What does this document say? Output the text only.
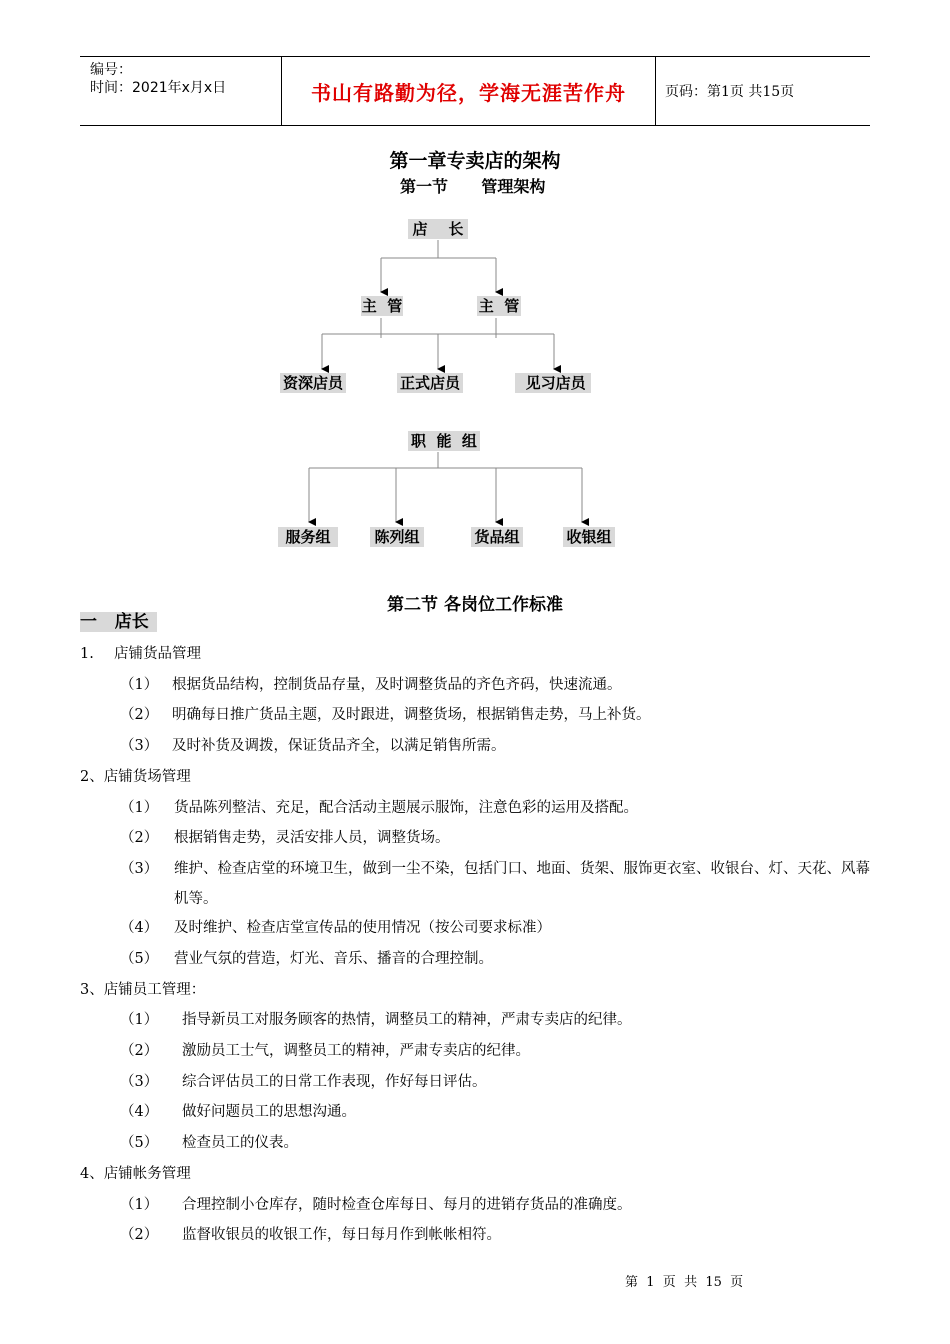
编号：
时间：2021年x月x日	书山有路勤为径，学海无涯苦作舟	页码：第1页 共15页
第一章专卖店的架构
第一节      管理架构
店    长
主  管	主  管
资深店员	正式店员	见习店员
职  能  组
服务组	陈列组	货品组	收银组
第二节 各岗位工作标准
一   店长
1. 店铺货品管理
（1） 根据货品结构，控制货品存量，及时调整货品的齐色齐码，快速流通。
（2） 明确每日推广货品主题，及时跟进，调整货场，根据销售走势，马上补货。
（3） 及时补货及调拨，保证货品齐全，以满足销售所需。
2、店铺货场管理
（1） 货品陈列整洁、充足，配合活动主题展示服饰，注意色彩的运用及搭配。
（2） 根据销售走势，灵活安排人员，调整货场。
（3）	维护、检查店堂的环境卫生，做到一尘不染，包括门口、地面、货架、服饰更衣室、收银台、灯、天花、风幕机等。
（4） 及时维护、检查店堂宣传品的使用情况（按公司要求标准）
（5） 营业气氛的营造，灯光、音乐、播音的合理控制。
3、店铺员工管理：
（1） 指导新员工对服务顾客的热情，调整员工的精神，严肃专卖店的纪律。
（2） 激励员工士气，调整员工的精神，严肃专卖店的纪律。
（3） 综合评估员工的日常工作表现，作好每日评估。
（4） 做好问题员工的思想沟通。
（5） 检查员工的仪表。
4、店铺帐务管理
（1） 合理控制小仓库存，随时检查仓库每日、每月的进销存货品的准确度。
（2） 监督收银员的收银工作，每日每月作到帐帐相符。
第  1  页  共  15  页
